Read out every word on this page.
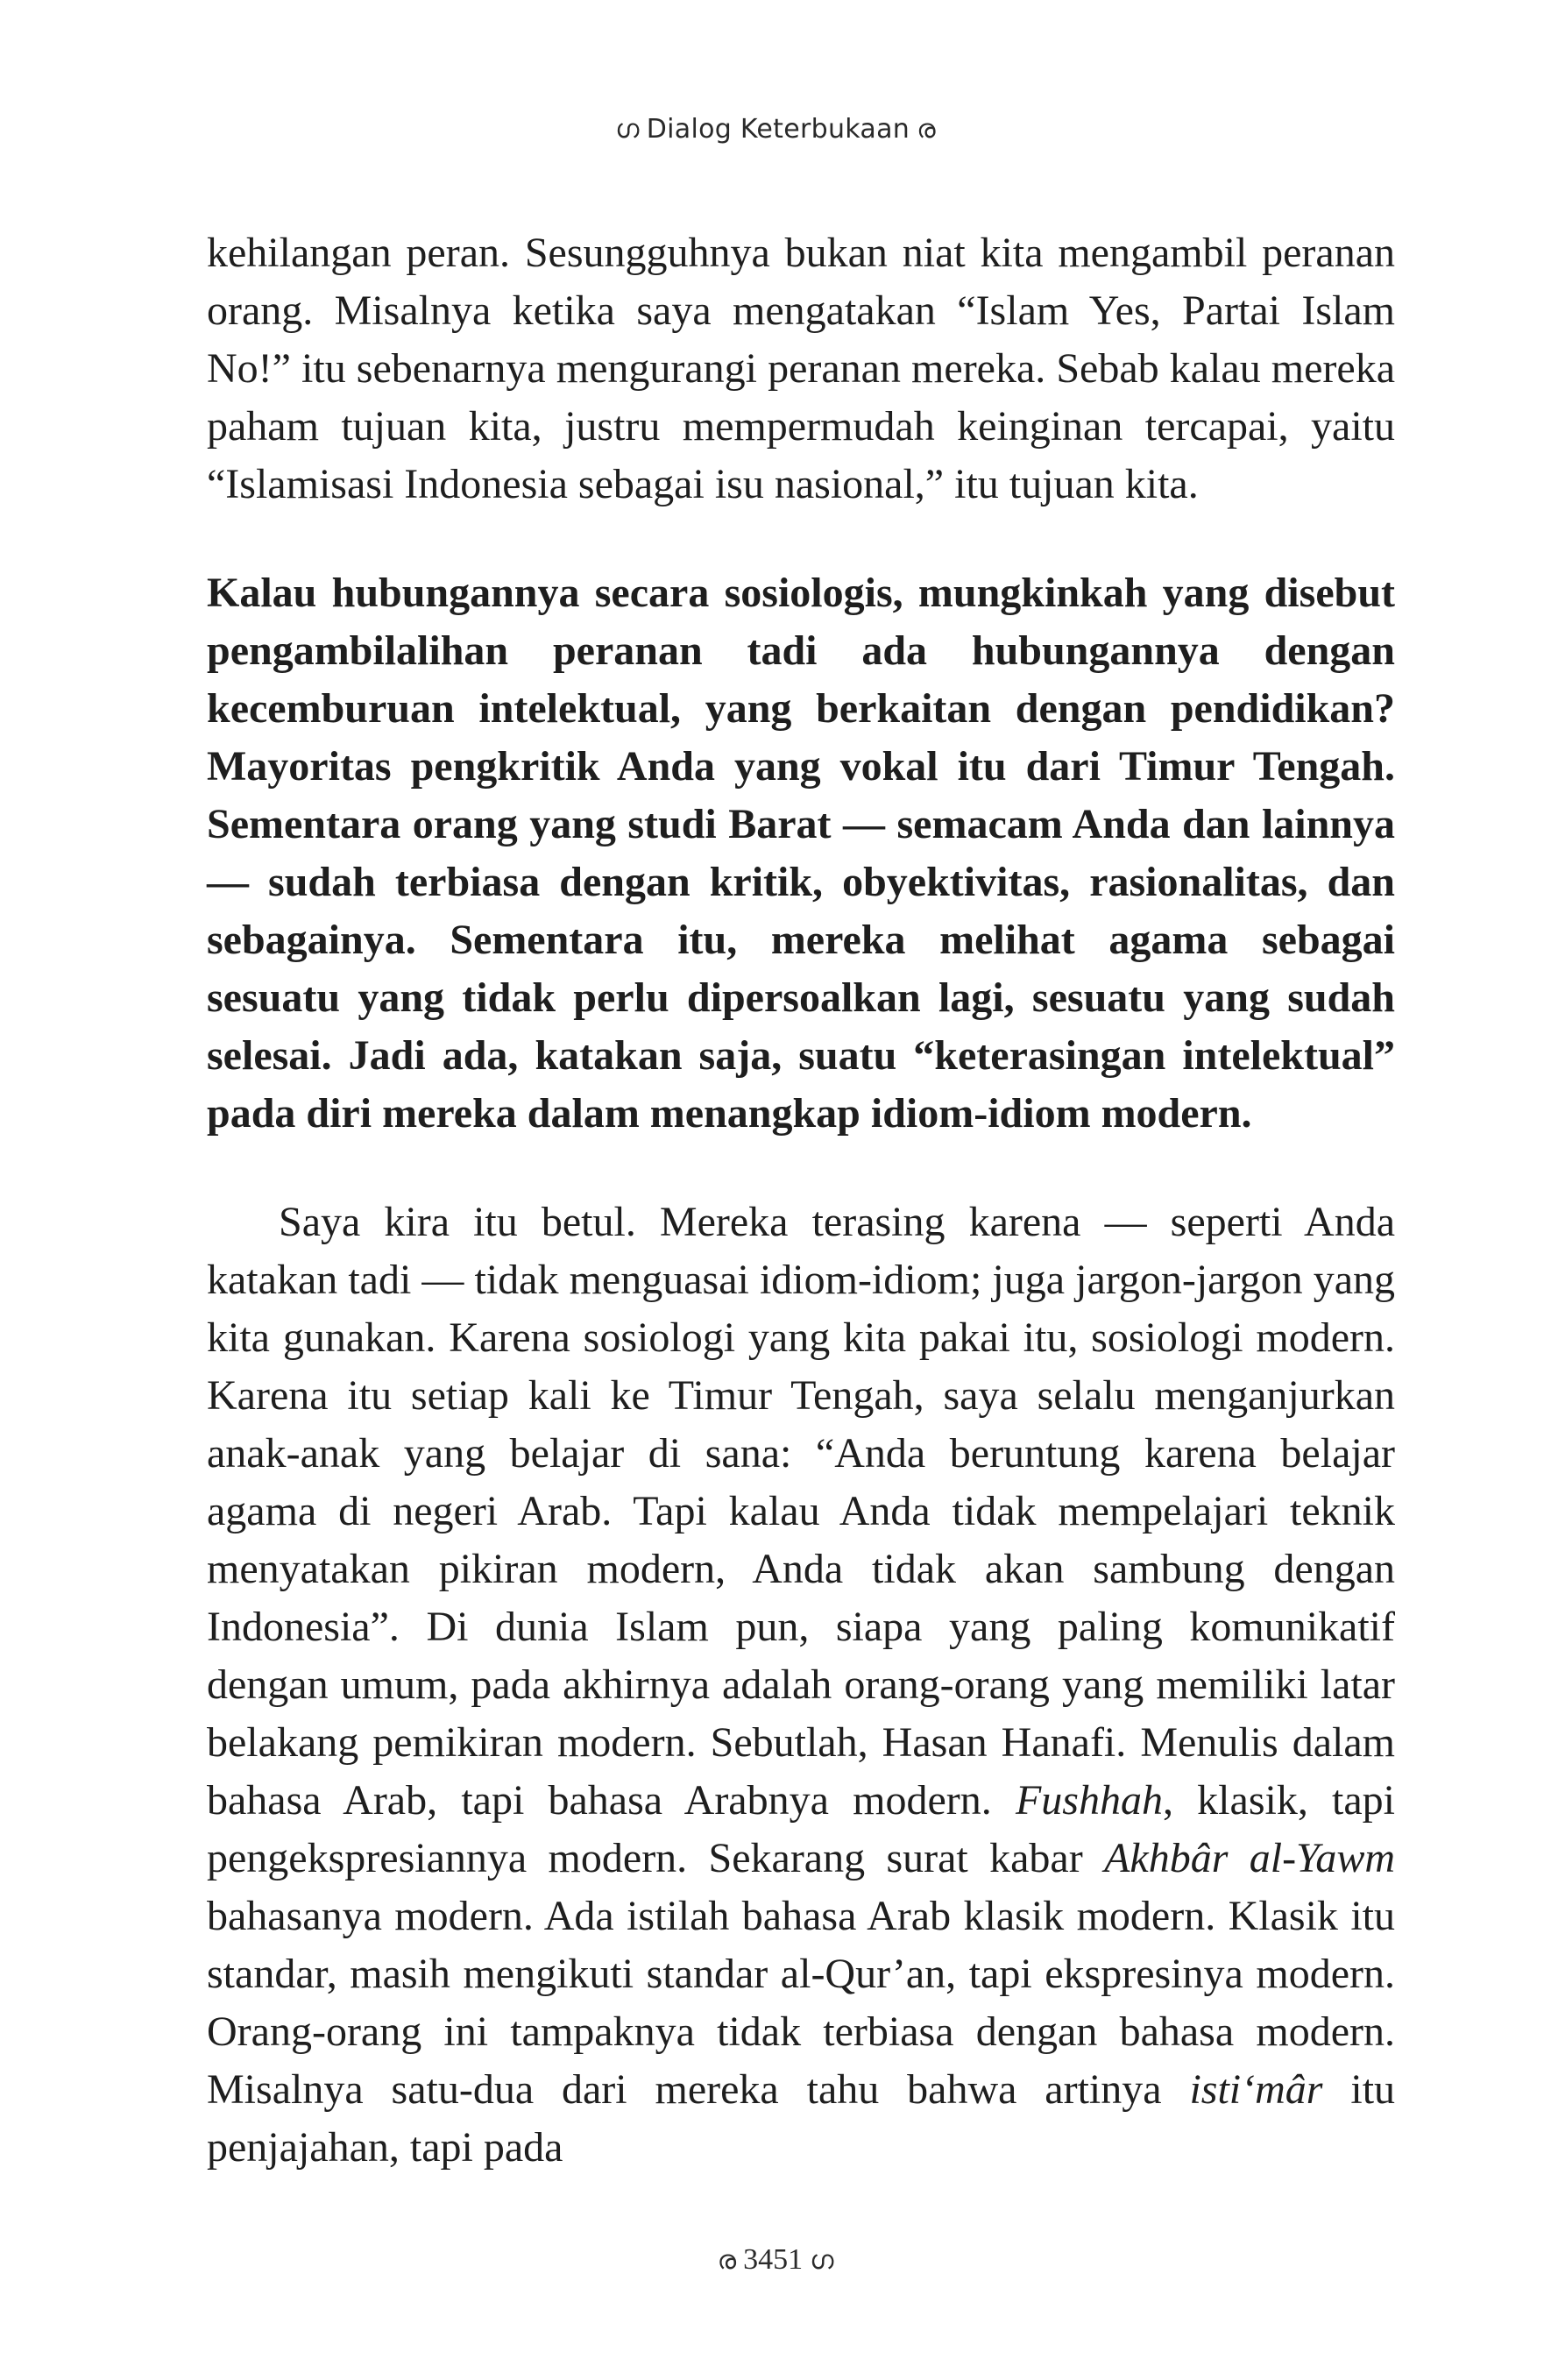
ഗ Dialog Keterbukaan ര

kehilangan peran. Sesungguhnya bukan niat kita mengambil peranan orang. Misalnya ketika saya mengatakan “Islam Yes, Partai Islam No!” itu sebenarnya mengurangi peranan mereka. Sebab kalau mereka paham tujuan kita, justru mempermudah keinginan tercapai, yaitu “Islamisasi Indonesia sebagai isu nasional,” itu tujuan kita.

Kalau hubungannya secara sosiologis, mungkinkah yang disebut pengambilalihan peranan tadi ada hubungannya dengan kecemburuan intelektual, yang berkaitan dengan pendidikan? Mayoritas pengkritik Anda yang vokal itu dari Timur Tengah. Sementara orang yang studi Barat — semacam Anda dan lainnya — sudah terbiasa dengan kritik, obyektivitas, rasionalitas, dan sebagainya. Sementara itu, mereka melihat agama sebagai sesuatu yang tidak perlu dipersoalkan lagi, sesuatu yang sudah selesai. Jadi ada, katakan saja, suatu “keterasingan intelektual” pada diri mereka dalam menangkap idiom-idiom modern.

Saya kira itu betul. Mereka terasing karena — seperti Anda katakan tadi — tidak menguasai idiom-idiom; juga jargon-jargon yang kita gunakan. Karena sosiologi yang kita pakai itu, sosiologi modern. Karena itu setiap kali ke Timur Tengah, saya selalu menganjurkan anak-anak yang belajar di sana: “Anda beruntung karena belajar agama di negeri Arab. Tapi kalau Anda tidak mempelajari teknik menyatakan pikiran modern, Anda tidak akan sambung dengan Indonesia”. Di dunia Islam pun, siapa yang paling komunikatif dengan umum, pada akhirnya adalah orang-orang yang memiliki latar belakang pemikiran modern. Sebutlah, Hasan Hanafi. Menulis dalam bahasa Arab, tapi bahasa Arabnya modern. Fushhah, klasik, tapi pengekspresiannya modern. Sekarang surat kabar Akhbâr al-Yawm bahasanya modern. Ada istilah bahasa Arab klasik modern. Klasik itu standar, masih mengikuti standar al-Qur’an, tapi ekspresinya modern. Orang-orang ini tampaknya tidak terbiasa dengan bahasa modern. Misalnya satu-dua dari mereka tahu bahwa artinya isti‘mâr itu penjajahan, tapi pada

ര 3451 ഗ
